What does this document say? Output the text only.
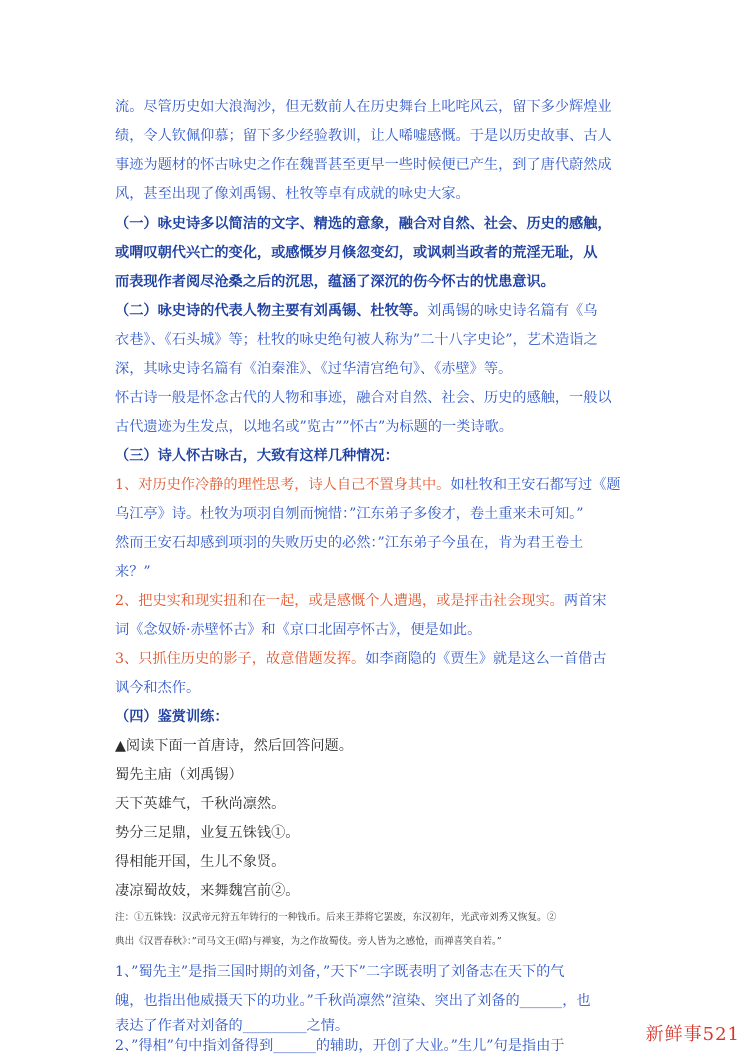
流。尽管历史如大浪淘沙，但无数前人在历史舞台上叱咤风云，留下多少辉煌业

绩，令人钦佩仰慕；留下多少经验教训，让人唏嘘感慨。于是以历史故事、古人

事迹为题材的怀古咏史之作在魏晋甚至更早一些时候便已产生，到了唐代蔚然成

风，甚至出现了像刘禹锡、杜牧等卓有成就的咏史大家。

（一）咏史诗多以简洁的文字、精选的意象，融合对自然、社会、历史的感触，

或喟叹朝代兴亡的变化，或感慨岁月倏忽变幻，或讽刺当政者的荒淫无耻，从

而表现作者阅尽沧桑之后的沉思，蕴涵了深沉的伤今怀古的忧患意识。

（二）咏史诗的代表人物主要有刘禹锡、杜牧等。刘禹锡的咏史诗名篇有《乌

衣巷》、《石头城》等；杜牧的咏史绝句被人称为”二十八字史论”，艺术造诣之

深，其咏史诗名篇有《泊秦淮》、《过华清宫绝句》、《赤壁》等。

怀古诗一般是怀念古代的人物和事迹，融合对自然、社会、历史的感触，一般以

古代遗迹为生发点，以地名或”览古””怀古”为标题的一类诗歌。

（三）诗人怀古咏古，大致有这样几种情况：

1、对历史作冷静的理性思考，诗人自己不置身其中。如杜牧和王安石都写过《题

乌江亭》诗。杜牧为项羽自刎而惋惜：”江东弟子多俊才，卷土重来未可知。”

然而王安石却感到项羽的失败历史的必然：”江东弟子今虽在，肯为君王卷土

来？”

2、把史实和现实扭和在一起，或是感慨个人遭遇，或是抨击社会现实。两首宋

词《念奴娇·赤壁怀古》和《京口北固亭怀古》，便是如此。

3、只抓住历史的影子，故意借题发挥。如李商隐的《贾生》就是这么一首借古

讽今和杰作。

（四）鉴赏训练：

▲阅读下面一首唐诗，然后回答问题。

蜀先主庙（刘禹锡）

天下英雄气，千秋尚凛然。

势分三足鼎，业复五铢钱①。

得相能开国，生儿不象贤。

凄凉蜀故妓，来舞魏宫前②。

注：①五铢钱：汉武帝元狩五年铸行的一种钱币。后来王莽将它罢废，东汉初年，光武帝刘秀又恢复。②

典出《汉晋春秋》：”司马文王(昭)与禅宴，为之作故蜀伎。旁人皆为之感怆，而禅喜笑自若。”

1、”蜀先主”是指三国时期的刘备，”天下”二字既表明了刘备志在天下的气

魄，也指出他威摄天下的功业。”千秋尚凛然”渲染、突出了刘备的______，也

表达了作者对刘备的_________之情。	新鲜事521

2、”得相”句中指刘备得到______的辅助，开创了大业。”生儿”句是指由于
